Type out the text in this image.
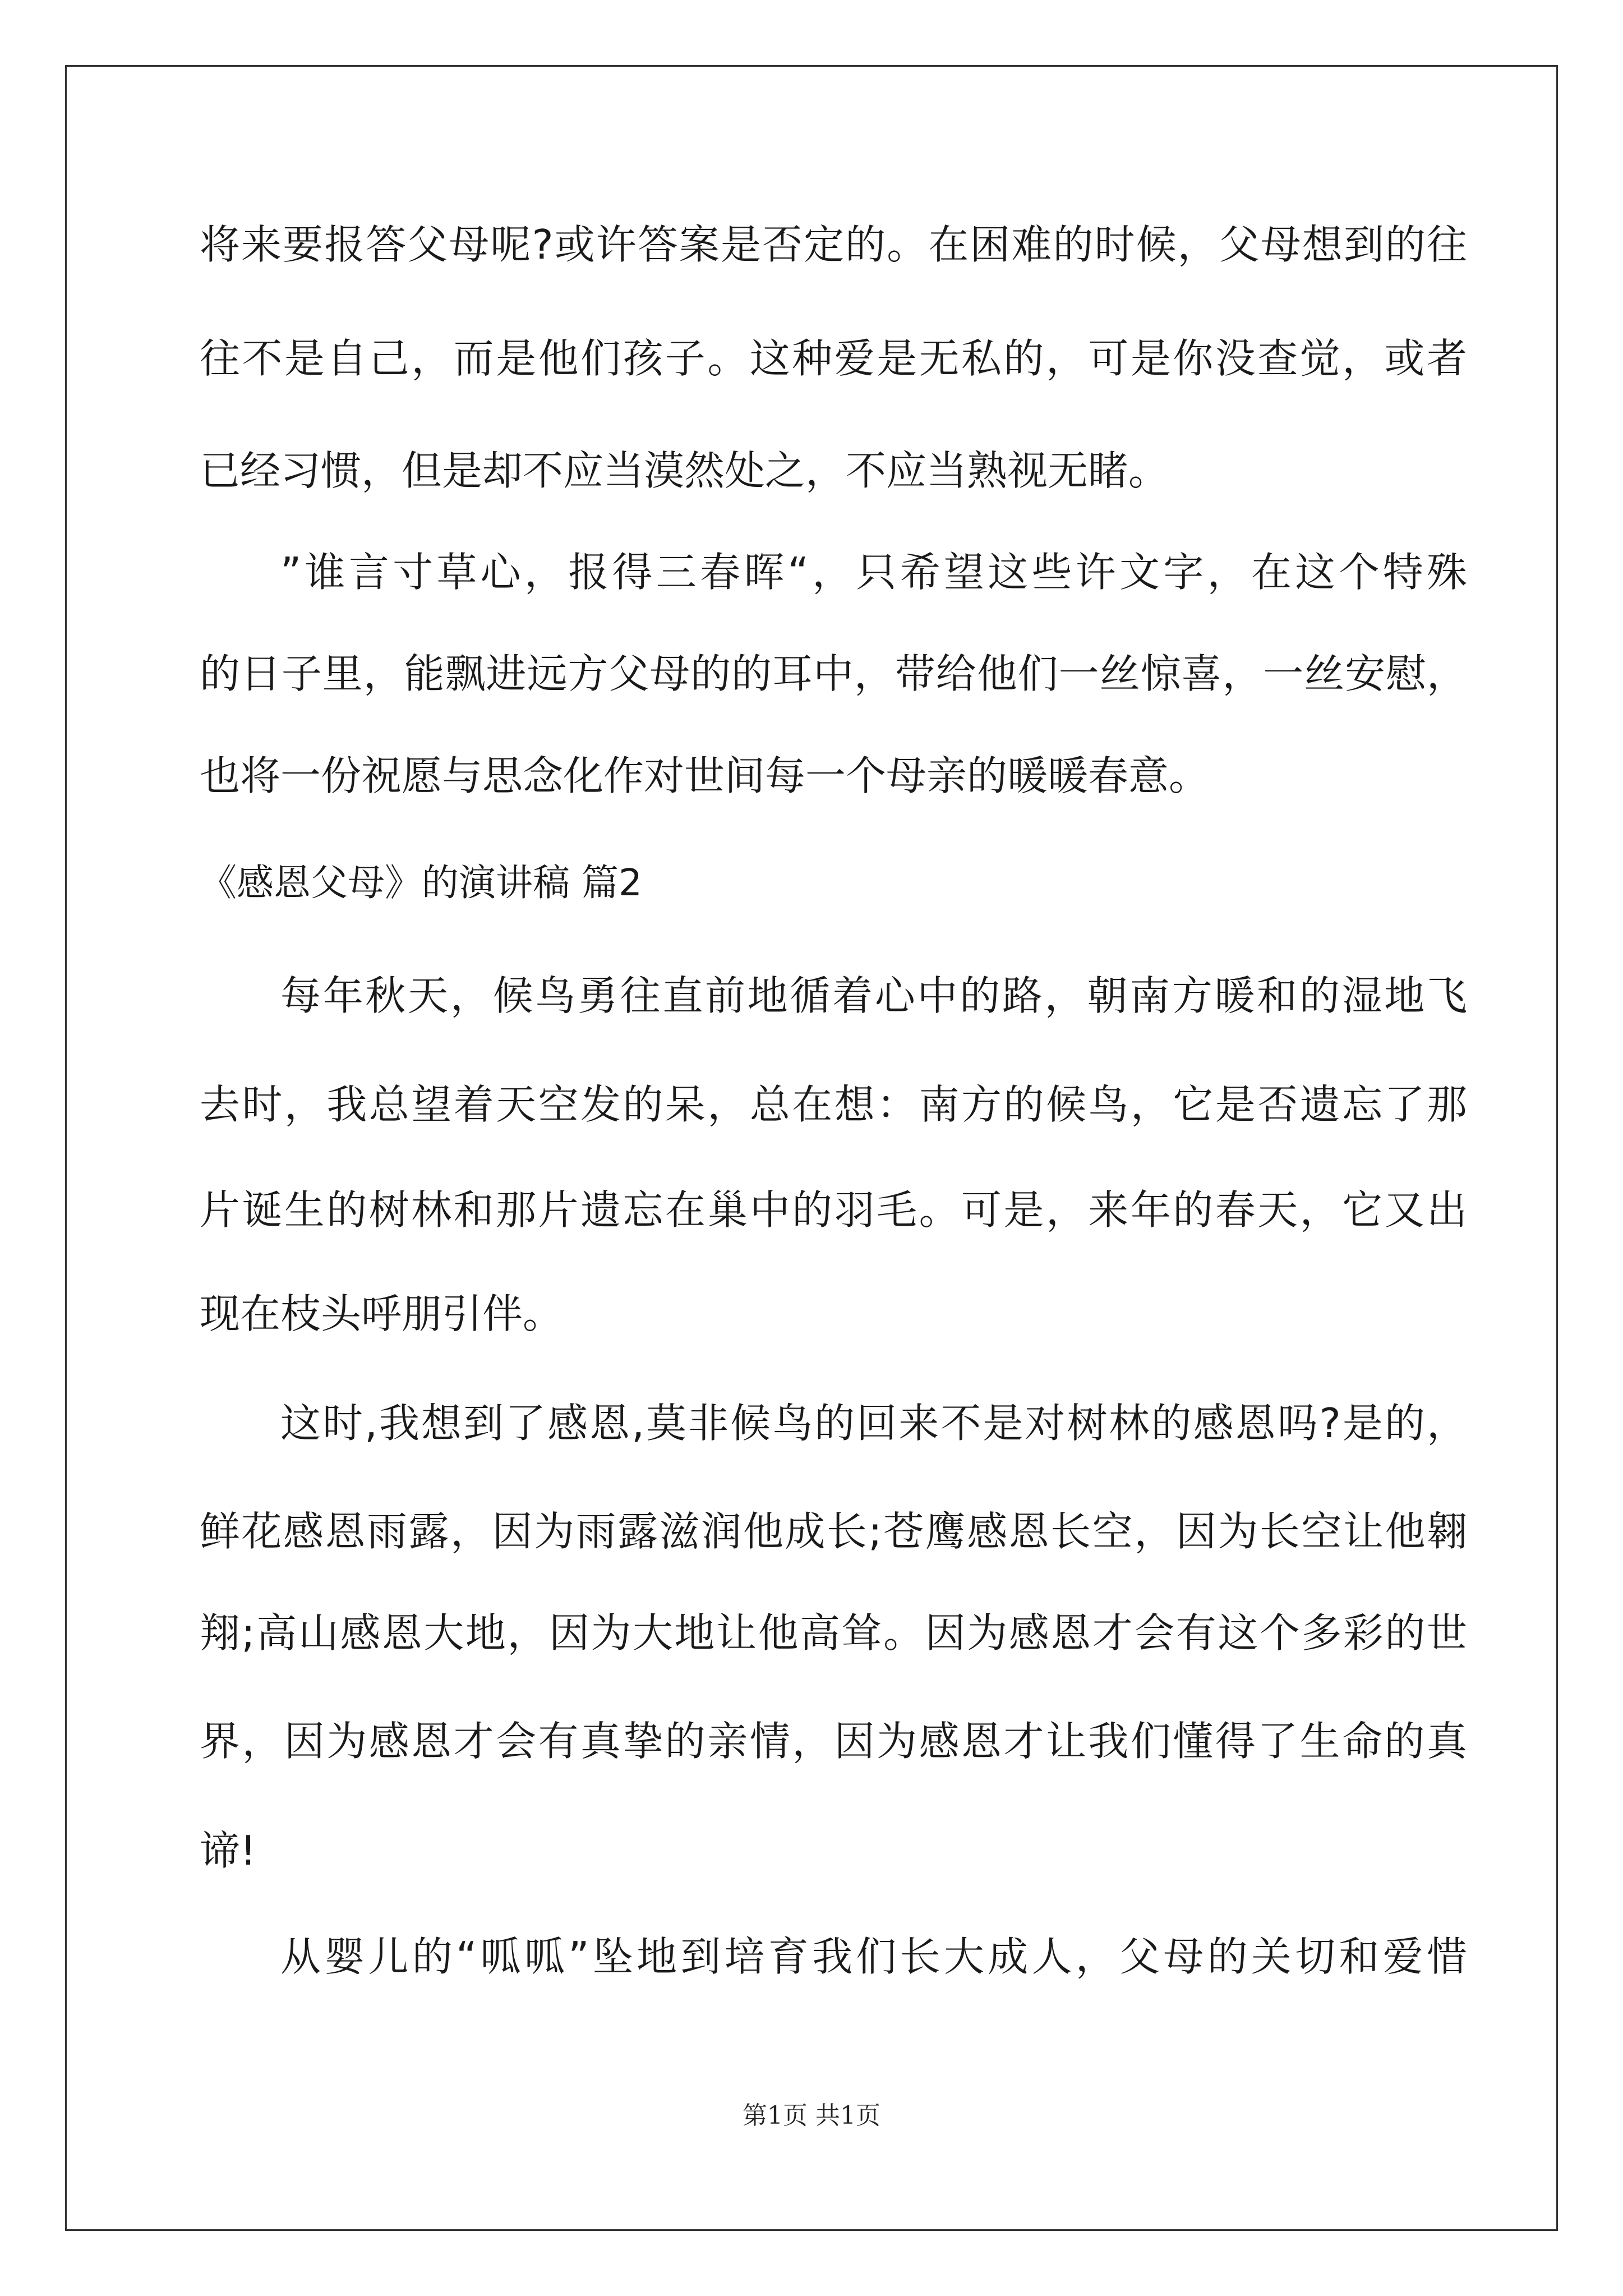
将来要报答父母呢?或许答案是否定的。在困难的时候，父母想到的往
往不是自己，而是他们孩子。这种爱是无私的，可是你没查觉，或者
已经习惯，但是却不应当漠然处之，不应当熟视无睹。
”谁言寸草心，报得三春晖“，只希望这些许文字，在这个特殊
的日子里，能飘进远方父母的的耳中，带给他们一丝惊喜，一丝安慰，
也将一份祝愿与思念化作对世间每一个母亲的暖暖春意。
《感恩父母》的演讲稿 篇2
每年秋天，候鸟勇往直前地循着心中的路，朝南方暖和的湿地飞
去时，我总望着天空发的呆，总在想：南方的候鸟，它是否遗忘了那
片诞生的树林和那片遗忘在巢中的羽毛。可是，来年的春天，它又出
现在枝头呼朋引伴。
这时,我想到了感恩,莫非候鸟的回来不是对树林的感恩吗?是的，
鲜花感恩雨露，因为雨露滋润他成长;苍鹰感恩长空，因为长空让他翱
翔;高山感恩大地，因为大地让他高耸。因为感恩才会有这个多彩的世
界，因为感恩才会有真挚的亲情，因为感恩才让我们懂得了生命的真
谛!
从婴儿的“呱呱”坠地到培育我们长大成人，父母的关切和爱惜
第1页 共1页
